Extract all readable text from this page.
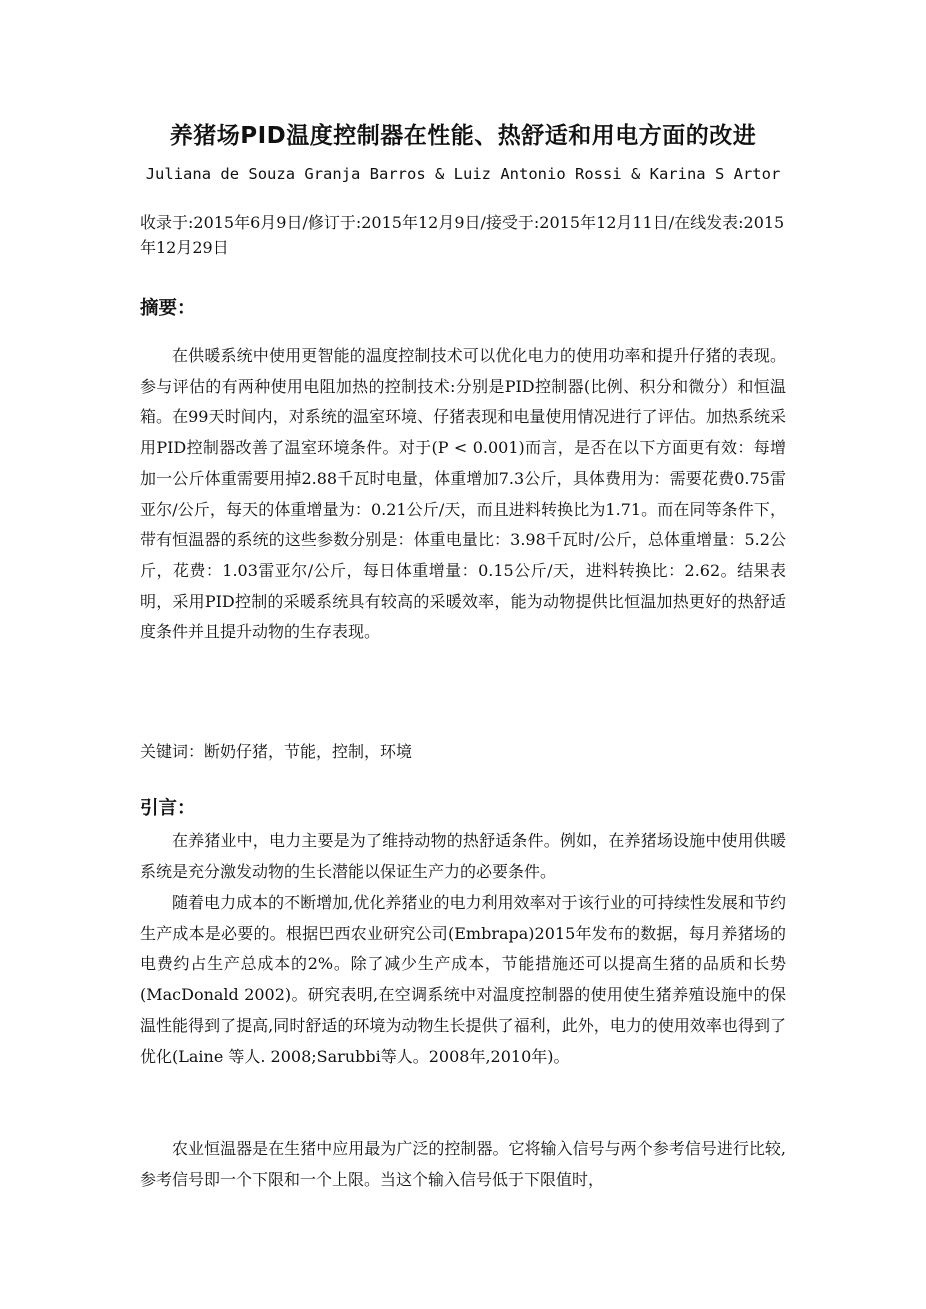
养猪场PID温度控制器在性能、热舒适和用电方面的改进

Juliana de Souza Granja Barros & Luiz Antonio Rossi & Karina S Artor

收录于:2015年6月9日/修订于:2015年12月9日/接受于:2015年12月11日/在线发表:2015年12月29日

摘要：

在供暖系统中使用更智能的温度控制技术可以优化电力的使用功率和提升仔猪的表现。参与评估的有两种使用电阻加热的控制技术:分别是PID控制器(比例、积分和微分）和恒温箱。在99天时间内，对系统的温室环境、仔猪表现和电量使用情况进行了评估。加热系统采用PID控制器改善了温室环境条件。对于(P < 0.001)而言，是否在以下方面更有效：每增加一公斤体重需要用掉2.88千瓦时电量，体重增加7.3公斤，具体费用为：需要花费0.75雷亚尔/公斤，每天的体重增量为：0.21公斤/天，而且进料转换比为1.71。而在同等条件下，带有恒温器的系统的这些参数分别是：体重电量比：3.98千瓦时/公斤，总体重增量：5.2公斤，花费：1.03雷亚尔/公斤，每日体重增量：0.15公斤/天，进料转换比：2.62。结果表明，采用PID控制的采暖系统具有较高的采暖效率，能为动物提供比恒温加热更好的热舒适度条件并且提升动物的生存表现。

关键词：断奶仔猪，节能，控制，环境

引言：

在养猪业中，电力主要是为了维持动物的热舒适条件。例如，在养猪场设施中使用供暖系统是充分激发动物的生长潜能以保证生产力的必要条件。

随着电力成本的不断增加,优化养猪业的电力利用效率对于该行业的可持续性发展和节约生产成本是必要的。根据巴西农业研究公司(Embrapa)2015年发布的数据，每月养猪场的电费约占生产总成本的2%。除了减少生产成本，节能措施还可以提高生猪的品质和长势(MacDonald 2002)。研究表明,在空调系统中对温度控制器的使用使生猪养殖设施中的保温性能得到了提高,同时舒适的环境为动物生长提供了福利，此外，电力的使用效率也得到了优化(Laine 等人. 2008;Sarubbi等人。2008年,2010年)。

农业恒温器是在生猪中应用最为广泛的控制器。它将输入信号与两个参考信号进行比较,参考信号即一个下限和一个上限。当这个输入信号低于下限值时，
